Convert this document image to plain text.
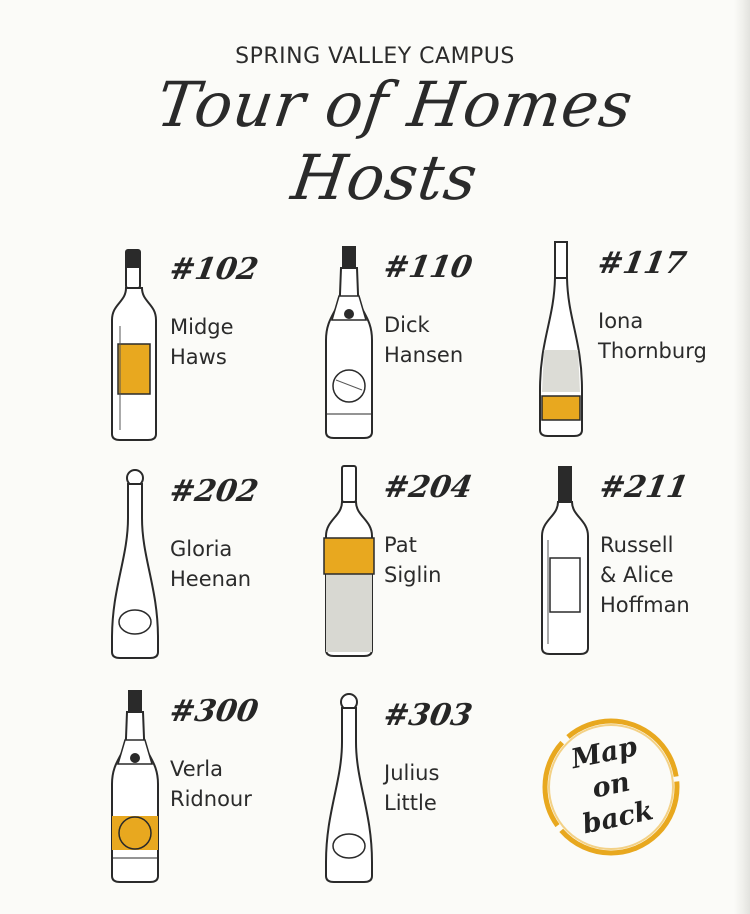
SPRING VALLEY CAMPUS
Tour of Homes Hosts
#102
Midge
Haws
#110
Dick
Hansen
#117
Iona
Thornburg
#202
Gloria
Heenan
#204
Pat
Siglin
#211
Russell
& Alice
Hoffman
#300
Verla
Ridnour
#303
Julius
Little
Map
on
back
